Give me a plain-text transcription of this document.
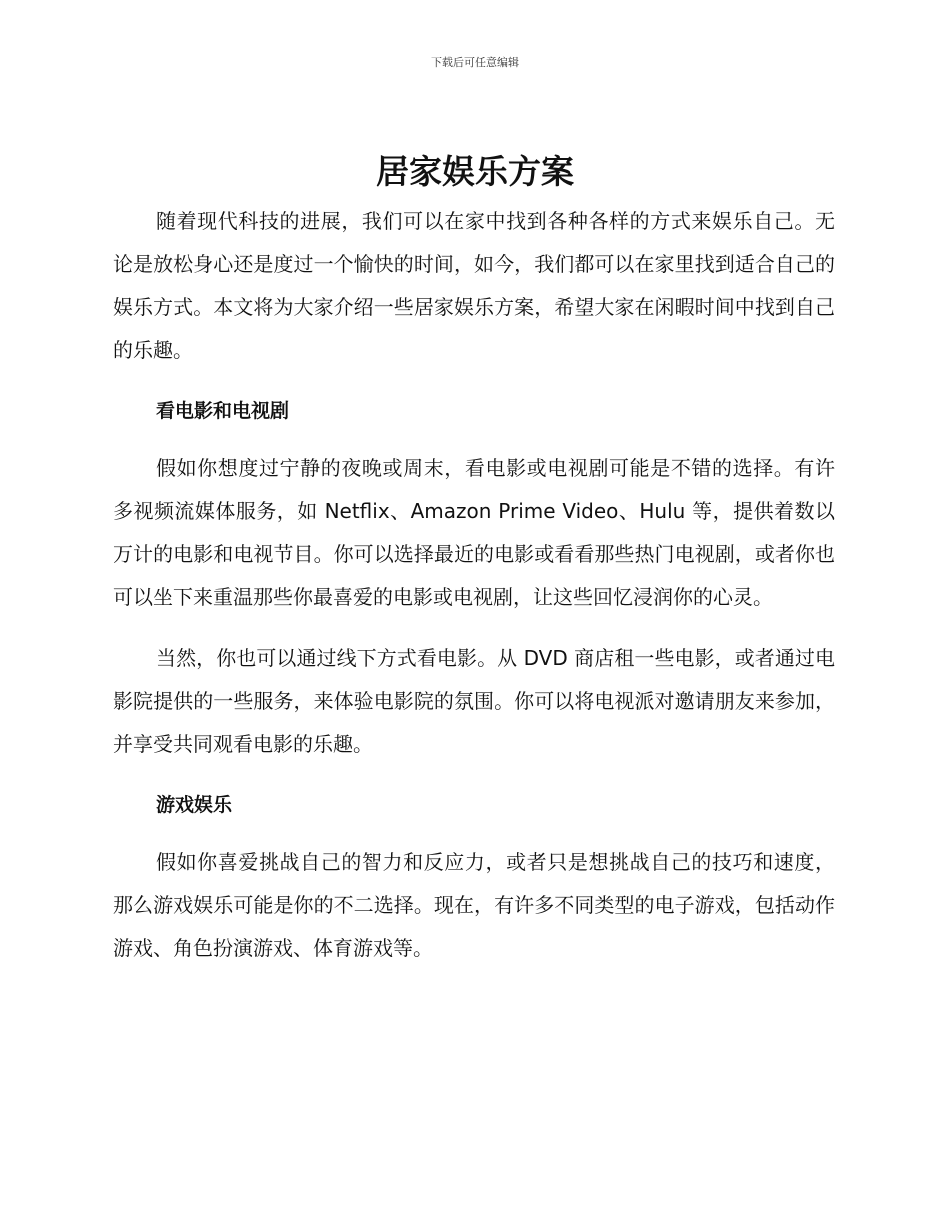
下载后可任意编辑
居家娱乐方案

随着现代科技的进展，我们可以在家中找到各种各样的方式来娱乐自己。无论是放松身心还是度过一个愉快的时间，如今，我们都可以在家里找到适合自己的娱乐方式。本文将为大家介绍一些居家娱乐方案，希望大家在闲暇时间中找到自己的乐趣。

看电影和电视剧

假如你想度过宁静的夜晚或周末，看电影或电视剧可能是不错的选择。有许多视频流媒体服务，如 Netflix、Amazon Prime Video、Hulu 等，提供着数以万计的电影和电视节目。你可以选择最近的电影或看看那些热门电视剧，或者你也可以坐下来重温那些你最喜爱的电影或电视剧，让这些回忆浸润你的心灵。

当然，你也可以通过线下方式看电影。从 DVD 商店租一些电影，或者通过电影院提供的一些服务，来体验电影院的氛围。你可以将电视派对邀请朋友来参加，并享受共同观看电影的乐趣。

游戏娱乐

假如你喜爱挑战自己的智力和反应力，或者只是想挑战自己的技巧和速度，那么游戏娱乐可能是你的不二选择。现在，有许多不同类型的电子游戏，包括动作游戏、角色扮演游戏、体育游戏等。
